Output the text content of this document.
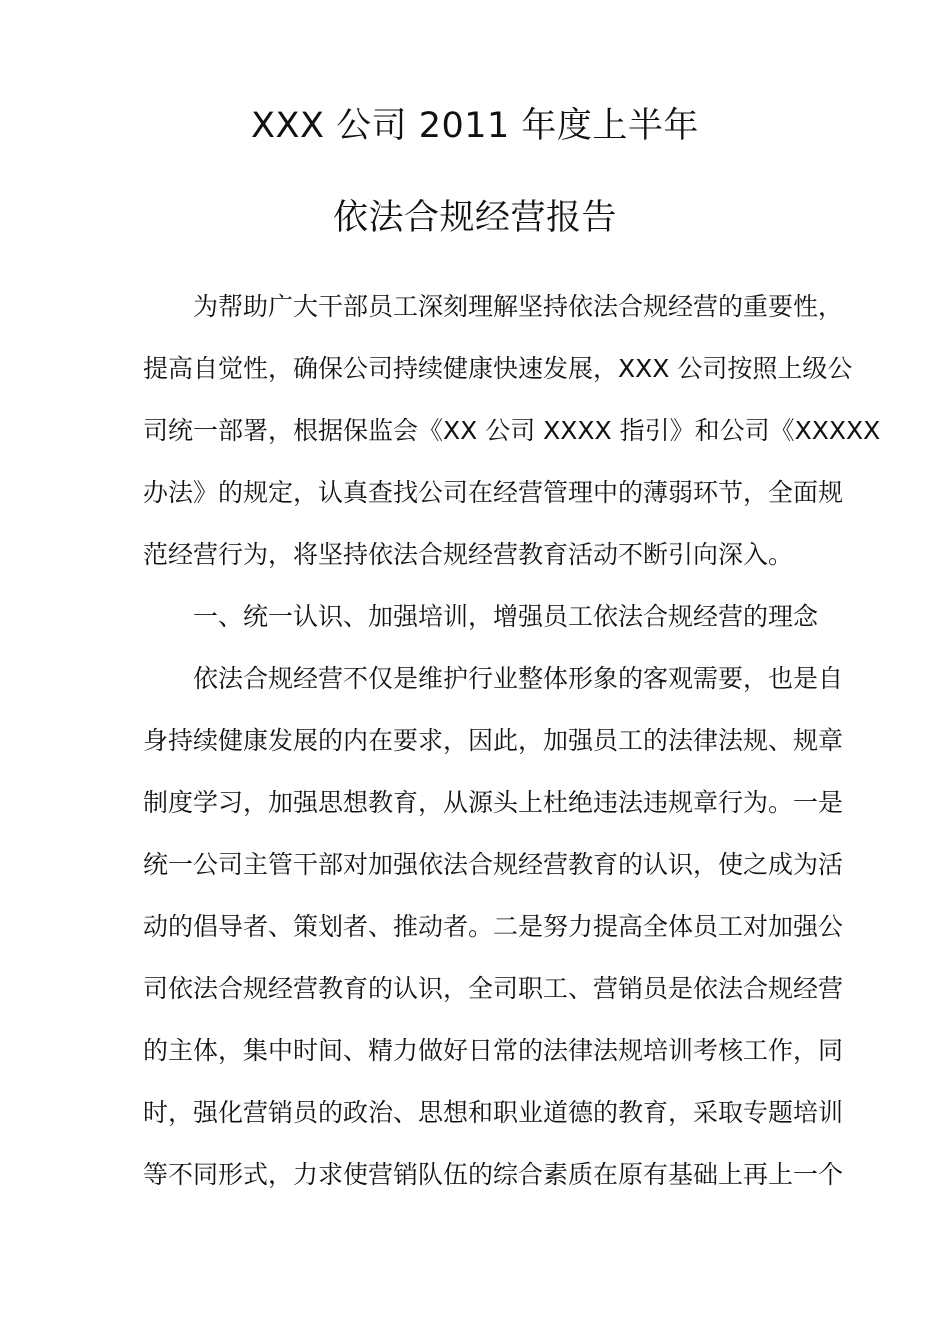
XXX 公司 2011 年度上半年
依法合规经营报告
为帮助广大干部员工深刻理解坚持依法合规经营的重要性，
提高自觉性，确保公司持续健康快速发展，XXX 公司按照上级公
司统一部署，根据保监会《XX 公司 XXXX 指引》和公司《XXXXX
办法》的规定，认真查找公司在经营管理中的薄弱环节，全面规
范经营行为，将坚持依法合规经营教育活动不断引向深入。
一、统一认识、加强培训，增强员工依法合规经营的理念
依法合规经营不仅是维护行业整体形象的客观需要，也是自
身持续健康发展的内在要求，因此，加强员工的法律法规、规章
制度学习，加强思想教育，从源头上杜绝违法违规章行为。一是
统一公司主管干部对加强依法合规经营教育的认识，使之成为活
动的倡导者、策划者、推动者。二是努力提高全体员工对加强公
司依法合规经营教育的认识，全司职工、营销员是依法合规经营
的主体，集中时间、精力做好日常的法律法规培训考核工作，同
时，强化营销员的政治、思想和职业道德的教育，采取专题培训
等不同形式，力求使营销队伍的综合素质在原有基础上再上一个
